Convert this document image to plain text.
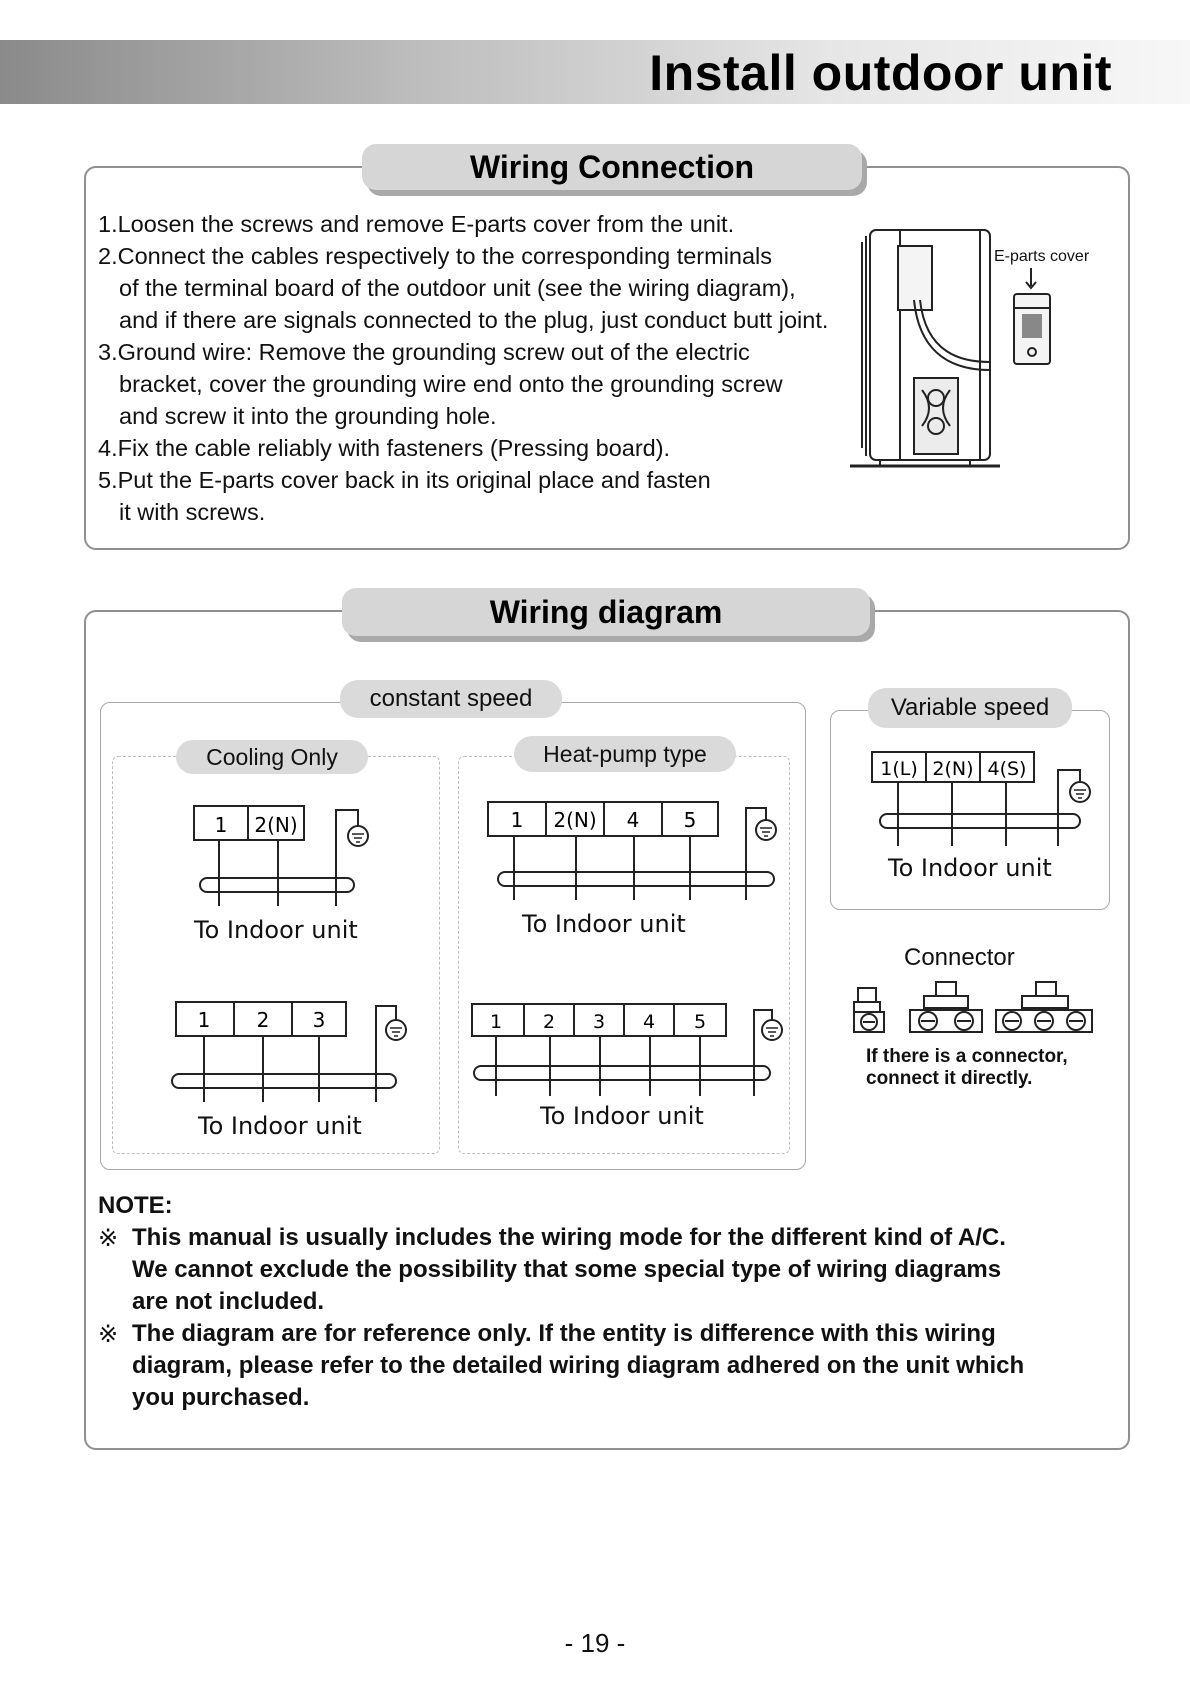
Install outdoor unit
Wiring Connection
1.Loosen the screws and remove E-parts cover from the unit.
2.Connect the cables respectively to the corresponding terminals
of the terminal board of the outdoor unit (see the wiring diagram),
and if there are signals connected to the plug, just conduct butt joint.
3.Ground wire: Remove the grounding screw out of the electric
bracket, cover the grounding wire end onto the grounding screw
and screw it into the grounding hole.
4.Fix the cable reliably with fasteners (Pressing board).
5.Put the E-parts cover back in its original place and fasten
it with screws.
E-parts cover
Wiring diagram
constant speed
Cooling Only	Heat-pump type
1 2(N)
To Indoor unit
1 2 3
To Indoor unit
1 2(N) 4 5
To Indoor unit
1 2 3 4 5
To Indoor unit
Variable speed
1(L) 2(N) 4(S)
To Indoor unit
Connector
If there is a connector,
connect it directly.
NOTE:
※ This manual is usually includes the wiring mode for the different kind of A/C.
We cannot exclude the possibility that some special type of wiring diagrams
are not included.
※ The diagram are for reference only. If the entity is difference with this wiring
diagram, please refer to the detailed wiring diagram adhered on the unit which
you purchased.
- 19 -
